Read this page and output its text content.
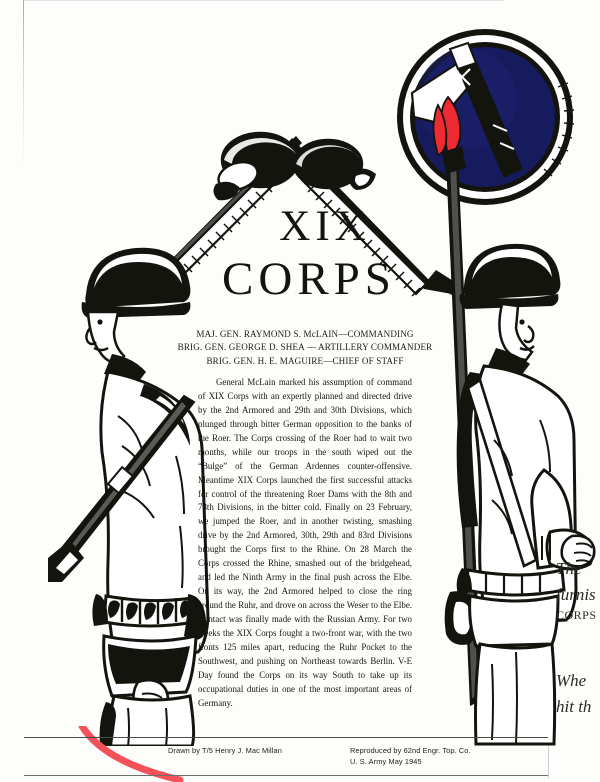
XIX
CORPS
MAJ. GEN. RAYMOND S. McLAIN—COMMANDING
BRIG. GEN. GEORGE D. SHEA — ARTILLERY COMMANDER
BRIG. GEN. H. E. MAGUIRE—CHIEF OF STAFF

General McLain marked his assumption of command of XIX Corps with an expertly planned and directed drive by the 2nd Armored and 29th and 30th Divisions, which plunged through bitter German opposition to the banks of the Roer. The Corps crossing of the Roer had to wait two months, while our troops in the south wiped out the “Bulge” of the German Ardennes counter-offensive. Meantime XIX Corps launched the first successful attacks for control of the threatening Roer Dams with the 8th and 78th Divisions, in the bitter cold. Finally on 23 February, we jumped the Roer, and in another twisting, smashing drive by the 2nd Armored, 30th, 29th and 83rd Divisions brought the Corps first to the Rhine. On 28 March the Corps crossed the Rhine, smashed out of the bridgehead, and led the Ninth Army in the final push across the Elbe. On its way, the 2nd Armored helped to close the ring around the Ruhr, and drove on across the Weser to the Elbe. Contact was finally made with the Russian Army. For two weeks the XIX Corps fought a two-front war, with the two fronts 125 miles apart, reducing the Ruhr Pocket to the Southwest, and pushing on Northeast towards Berlin. V-E Day found the Corps on its way South to take up its occupational duties in one of the most important areas of Germany.

The
furnis
CORPS
Whe
hit th
Drawn by T/5 Henry J. Mac Millan	Reproduced by 62nd Engr. Top. Co.
U. S. Army May 1945
